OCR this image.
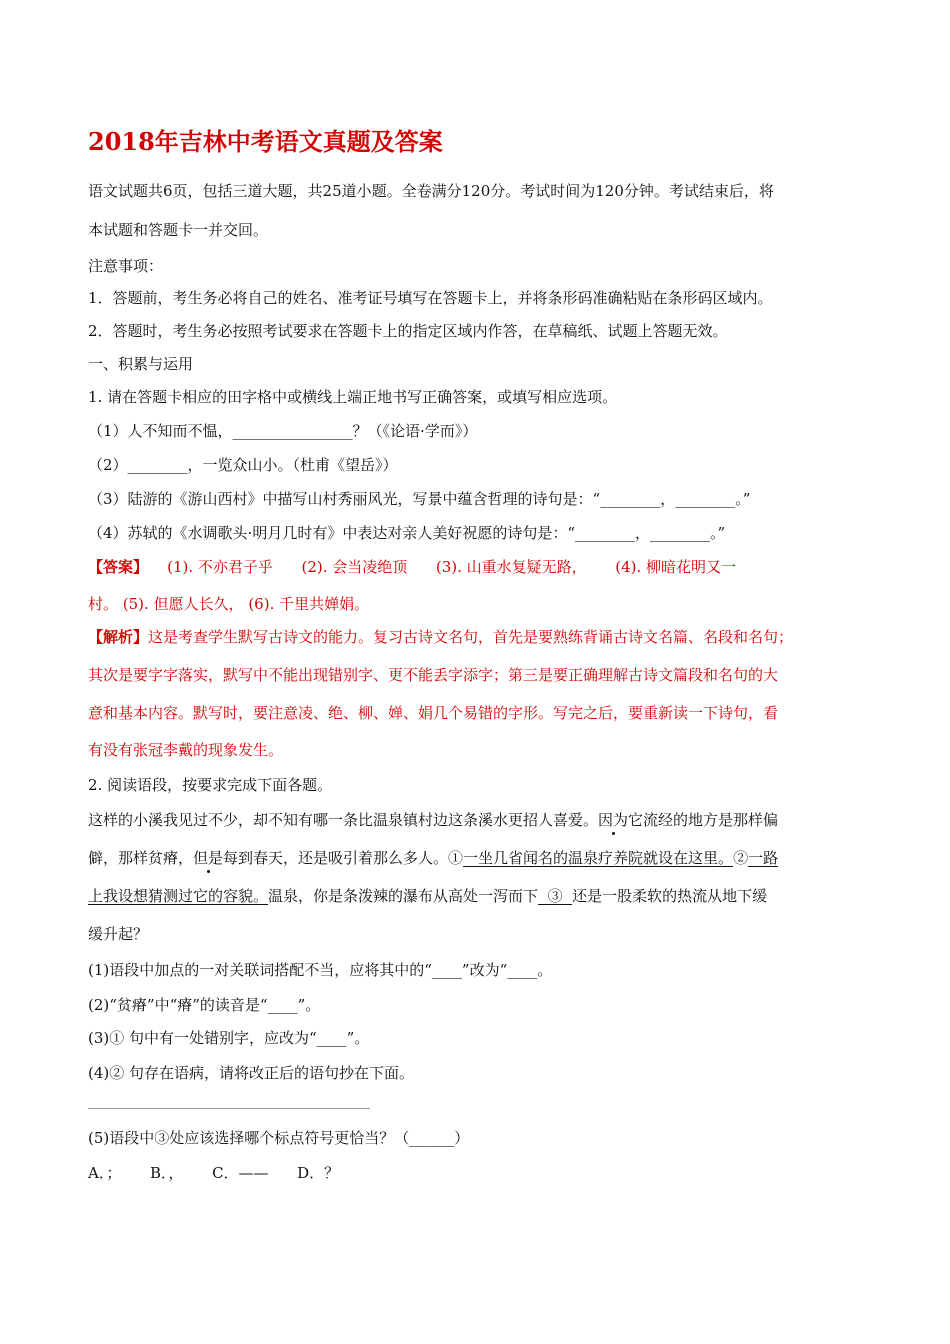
2018年吉林中考语文真题及答案
语文试题共6页，包括三道大题，共25道小题。全卷满分120分。考试时间为120分钟。考试结束后，将
本试题和答题卡一并交回。
注意事项：
1．答题前，考生务必将自己的姓名、准考证号填写在答题卡上，并将条形码准确粘贴在条形码区域内。
2．答题时，考生务必按照考试要求在答题卡上的指定区域内作答，在草稿纸、试题上答题无效。
一、积累与运用
1. 请在答题卡相应的田字格中或横线上端正地书写正确答案，或填写相应选项。
（1）人不知而不愠，________________？（《论语·学而》）
（2）________，一览众山小。（杜甫《望岳》）
（3）陆游的《游山西村》中描写山村秀丽风光，写景中蕴含哲理的诗句是：“________，________。”
（4）苏轼的《水调歌头·明月几时有》中表达对亲人美好祝愿的诗句是：“________，________。”
【答案】    (1). 不亦君子乎      (2). 会当凌绝顶      (3). 山重水复疑无路，      (4). 柳暗花明又一
村。 (5). 但愿人长久， (6). 千里共婵娟。
【解析】这是考查学生默写古诗文的能力。复习古诗文名句，首先是要熟练背诵古诗文名篇、名段和名句；
其次是要字字落实，默写中不能出现错别字、更不能丢字添字；第三是要正确理解古诗文篇段和名句的大
意和基本内容。默写时，要注意凌、绝、柳、婵、娟几个易错的字形。写完之后，要重新读一下诗句，看
有没有张冠李戴的现象发生。
2. 阅读语段，按要求完成下面各题。
这样的小溪我见过不少，却不知有哪一条比温泉镇村边这条溪水更招人喜爱。因为它流经的地方是那样偏
僻，那样贫瘠，但是每到春天，还是吸引着那么多人。①一坐几省闻名的温泉疗养院就设在这里。②一路
上我设想猜测过它的容貌。温泉，你是条泼辣的瀑布从高处一泻而下  ③  还是一股柔软的热流从地下缓
缓升起？
(1)语段中加点的一对关联词搭配不当，应将其中的“____”改为“____。
(2)“贫瘠”中“瘠”的读音是“____”。
(3)① 句中有一处错别字，应改为“____”。
(4)② 句存在语病，请将改正后的语句抄在下面。
(5)语段中③处应该选择哪个标点符号更恰当？（______）
A．；      B．，      C．——      D．？
